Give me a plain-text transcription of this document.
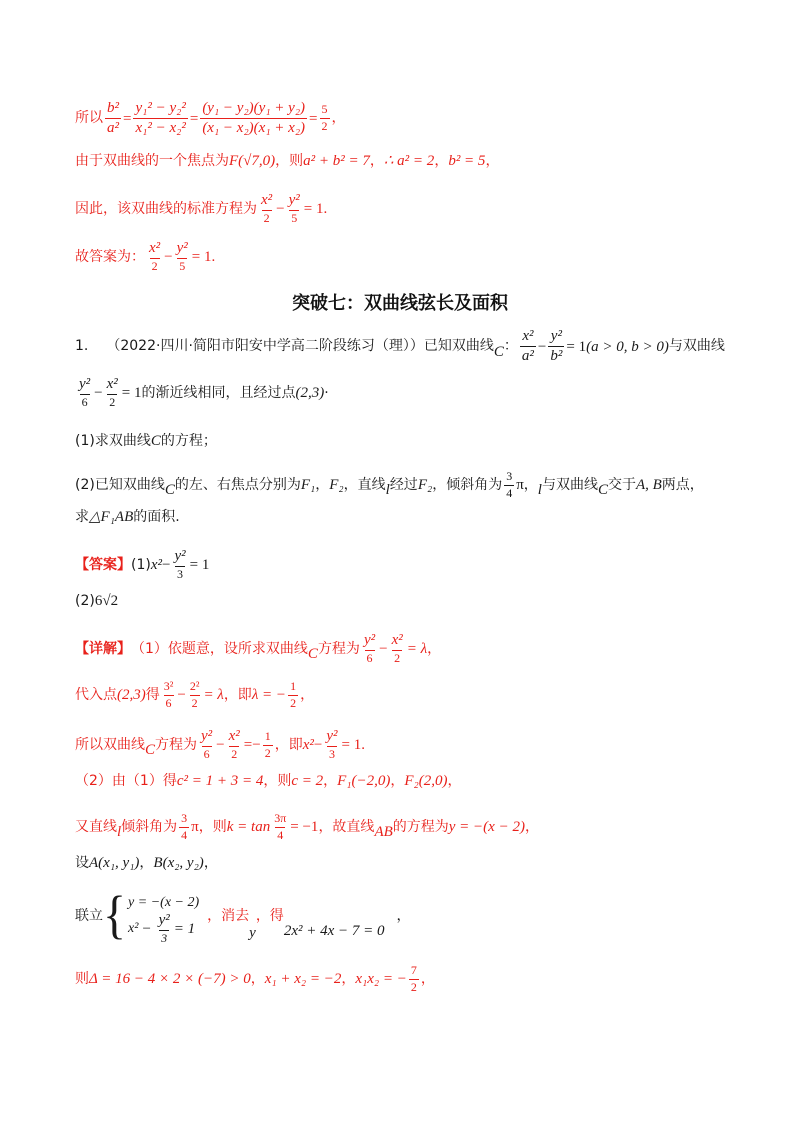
所以 $\frac{\text{b²}}{\text{a²}} = \frac{\text{y₁² − y₂²}}{\text{x₁² − x₂²}} = \frac{\text{(y₁ − y₂)(y₁ + y₂)}}{\text{(x₁ − x₂)(x₁ + x₂)}} = \frac{5}{2}$ ，
由于双曲线的一个焦点为 F(√7,0) ，则 a² + b² = 7 ， ∴ a² = 2 ， b² = 5 ，
因此，该双曲线的标准方程为 $\frac{\text{x²}}{2} - \frac{\text{y²}}{5} = 1$.
故答案为： $\frac{\text{x²}}{2} - \frac{\text{y²}}{5} = 1$.
突破七：双曲线弦长及面积
1. （2022·四川·简阳市阳安中学高二阶段练习（理））已知双曲线 C ： $\frac{\text{x²}}{\text{a²}} - \frac{\text{y²}}{\text{b²}} = 1$ (a > 0, b > 0) 与双曲线
$\frac{\text{y²}}{6} - \frac{\text{x²}}{2} = 1$ 的渐近线相同，且经过点 (2,3) ·
(1)求双曲线 C 的方程；
(2)已知双曲线 C 的左、右焦点分别为 F₁ ， F₂ ，直线 l 经过 F₂ ，倾斜角为 $\frac{3}{4}$ π ， l 与双曲线 C 交于 A, B 两点，
求 △F₁AB 的面积.
【答案】 (1) $x^2 - \frac{\text{y²}}{3} = 1$
(2) 6√2
【详解】 （1）依题意，设所求双曲线 C 方程为 $\frac{\text{y²}}{6} - \frac{\text{x²}}{2} = \lambda$ ，
代入点 (2,3) 得 $\frac{\text{3²}}{6} - \frac{\text{2²}}{2} = \lambda$ ，即 λ = − $\frac{1}{2}$ ，
所以双曲线 C 方程为 $\frac{\text{y²}}{6} - \frac{\text{x²}}{2}$ = − $\frac{1}{2}$ ，即 $x^2 - \frac{\text{y²}}{3} = 1$.
（2）由（1）得 c² = 1 + 3 = 4 ，则 c = 2 ， F₁(−2,0) ， F₂(2,0) ，
又直线 l 倾斜角为 $\frac{3}{4}$ π ，则 $k = \tan \frac{3\pi}{4} = -1$ ，故直线 AB 的方程为 y = −(x − 2) ，
设 A(x₁, y₁) ， B(x₂, y₂) ，
联立 { y = −(x − 2)
$x^2 - \frac{\text{y²}}{3} = 1$
，消去
y
，得
2x² + 4x − 7 = 0
，
则 Δ = 16 − 4 × 2 × (−7) > 0 ， x₁ + x₂ = −2 ， x₁x₂ = − $\frac{7}{2}$ ，
